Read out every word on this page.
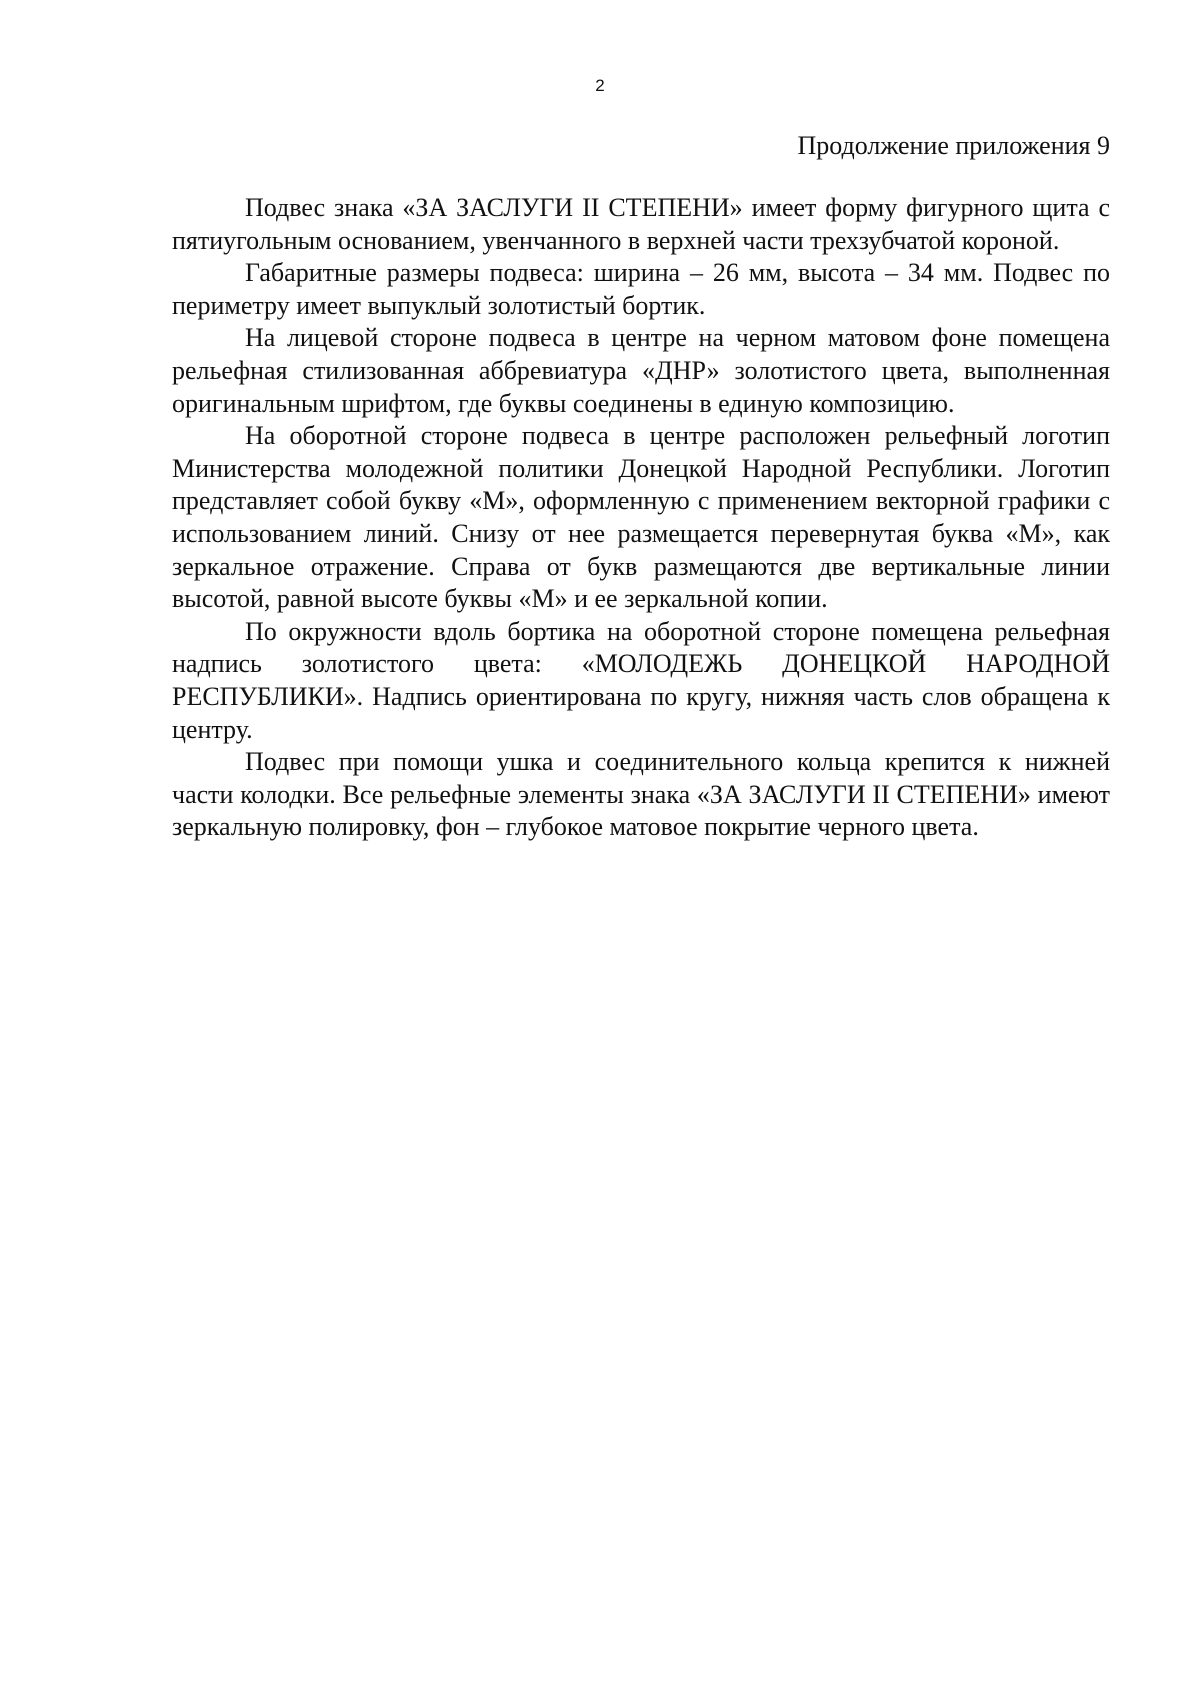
2
Продолжение приложения 9

Подвес знака «ЗА ЗАСЛУГИ II СТЕПЕНИ» имеет форму фигурного щита с пятиугольным основанием, увенчанного в верхней части трехзубчатой короной.

Габаритные размеры подвеса: ширина – 26 мм, высота – 34 мм. Подвес по периметру имеет выпуклый золотистый бортик.

На лицевой стороне подвеса в центре на черном матовом фоне помещена рельефная стилизованная аббревиатура «ДНР» золотистого цвета, выполненная оригинальным шрифтом, где буквы соединены в единую композицию.

На оборотной стороне подвеса в центре расположен рельефный логотип Министерства молодежной политики Донецкой Народной Республики. Логотип представляет собой букву «М», оформленную с применением векторной графики с использованием линий. Снизу от нее размещается перевернутая буква «М», как зеркальное отражение. Справа от букв размещаются две вертикальные линии высотой, равной высоте буквы «М» и ее зеркальной копии.

По окружности вдоль бортика на оборотной стороне помещена рельефная надпись золотистого цвета: «МОЛОДЕЖЬ ДОНЕЦКОЙ НАРОДНОЙ РЕСПУБЛИКИ». Надпись ориентирована по кругу, нижняя часть слов обращена к центру.

Подвес при помощи ушка и соединительного кольца крепится к нижней части колодки. Все рельефные элементы знака «ЗА ЗАСЛУГИ II СТЕПЕНИ» имеют зеркальную полировку, фон – глубокое матовое покрытие черного цвета.
